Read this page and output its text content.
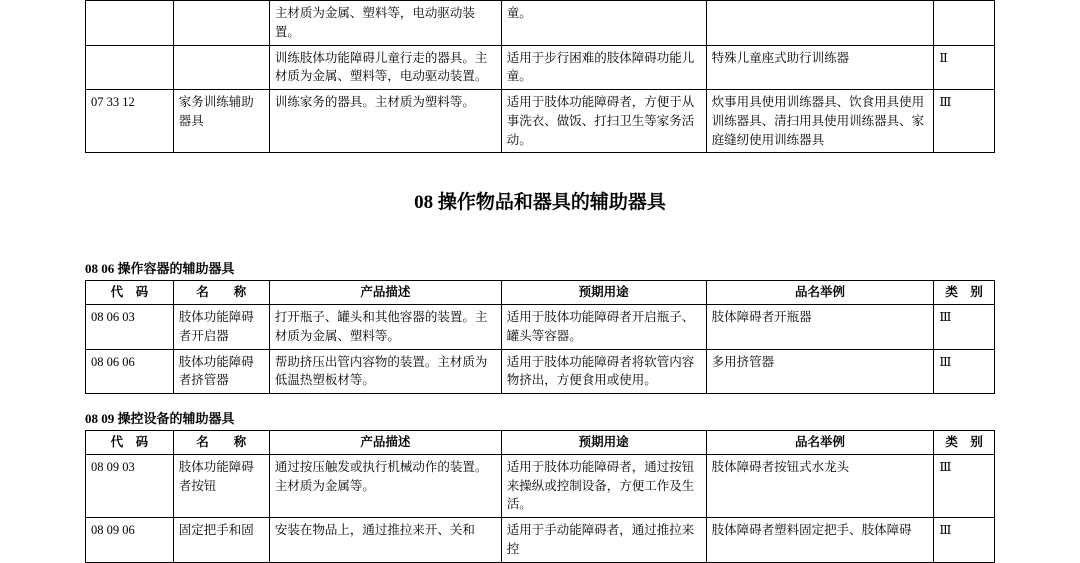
		主材质为金属、塑料等，电动驱动装置。	童。		
		训练肢体功能障碍儿童行走的器具。主材质为金属、塑料等，电动驱动装置。	适用于步行困难的肢体障碍功能儿童。	特殊儿童座式助行训练器	Ⅱ
07 33 12	家务训练辅助器具	训练家务的器具。主材质为塑料等。	适用于肢体功能障碍者，方便于从事洗衣、做饭、打扫卫生等家务活动。	炊事用具使用训练器具、饮食用具使用训练器具、清扫用具使用训练器具、家庭缝纫使用训练器具	Ⅲ
08 操作物品和器具的辅助器具
08 06 操作容器的辅助器具
代　码	名　　称	产品描述	预期用途	品名举例	类　别
08 06 03	肢体功能障碍者开启器	打开瓶子、罐头和其他容器的装置。主材质为金属、塑料等。	适用于肢体功能障碍者开启瓶子、罐头等容器。	肢体障碍者开瓶器	Ⅲ
08 06 06	肢体功能障碍者挤管器	帮助挤压出管内容物的装置。主材质为低温热塑板材等。	适用于肢体功能障碍者将软管内容物挤出，方便食用或使用。	多用挤管器	Ⅲ
08 09 操控设备的辅助器具
代　码	名　　称	产品描述	预期用途	品名举例	类　别
08 09 03	肢体功能障碍者按钮	通过按压触发或执行机械动作的装置。主材质为金属等。	适用于肢体功能障碍者，通过按钮来操纵或控制设备，方便工作及生活。	肢体障碍者按钮式水龙头	Ⅲ
08 09 06	固定把手和固	安装在物品上，通过推拉来开、关和	适用于手动能障碍者，通过推拉来控	肢体障碍者塑料固定把手、肢体障碍	Ⅲ
